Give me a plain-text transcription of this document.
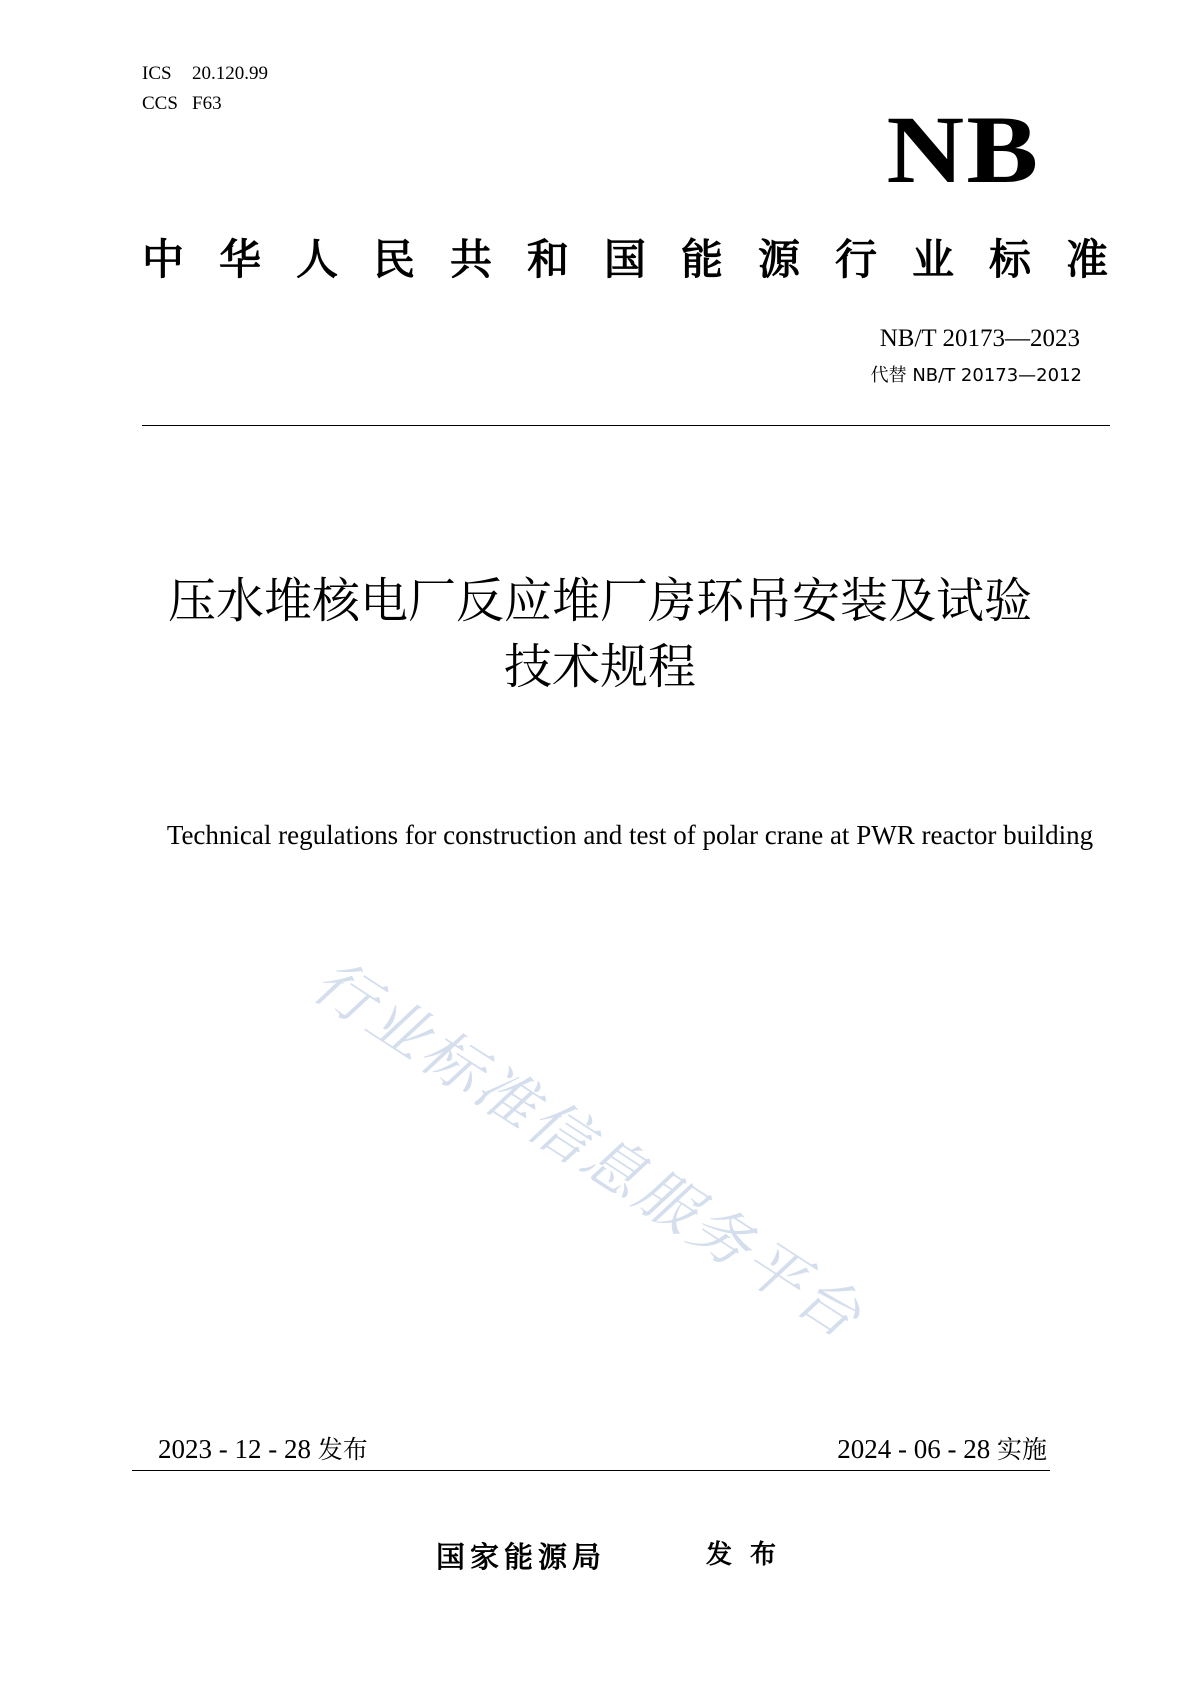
ICS 20.120.99
CCS F63	NB
中华人民共和国能源行业标准
NB/T 20173—2023
代替 NB/T 20173—2012
压水堆核电厂反应堆厂房环吊安装及试验
技术规程
Technical regulations for construction and test of polar crane at PWR reactor building
行业标准信息服务平台
2023 - 12 - 28 发布	2024 - 06 - 28 实施
国家能源局	发布
